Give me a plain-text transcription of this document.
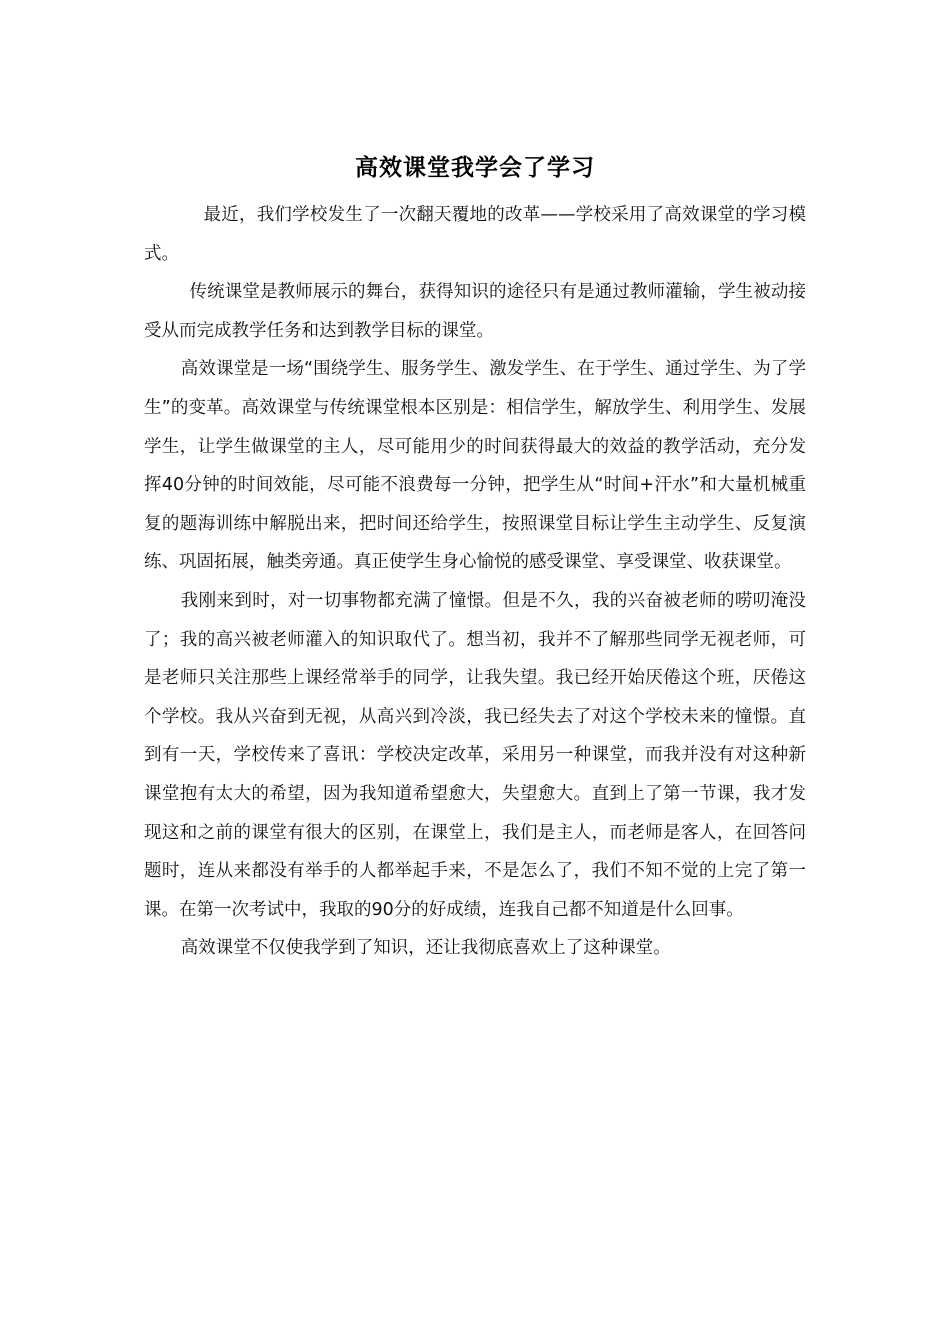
高效课堂我学会了学习

最近，我们学校发生了一次翻天覆地的改革——学校采用了高效课堂的学习模式。

传统课堂是教师展示的舞台，获得知识的途径只有是通过教师灌输，学生被动接受从而完成教学任务和达到教学目标的课堂。

高效课堂是一场“围绕学生、服务学生、激发学生、在于学生、通过学生、为了学生”的变革。高效课堂与传统课堂根本区别是：相信学生，解放学生、利用学生、发展学生，让学生做课堂的主人，尽可能用少的时间获得最大的效益的教学活动，充分发挥40分钟的时间效能，尽可能不浪费每一分钟，把学生从“时间+汗水”和大量机械重复的题海训练中解脱出来，把时间还给学生，按照课堂目标让学生主动学生、反复演练、巩固拓展，触类旁通。真正使学生身心愉悦的感受课堂、享受课堂、收获课堂。

我刚来到时，对一切事物都充满了憧憬。但是不久，我的兴奋被老师的唠叨淹没了；我的高兴被老师灌入的知识取代了。想当初，我并不了解那些同学无视老师，可是老师只关注那些上课经常举手的同学，让我失望。我已经开始厌倦这个班，厌倦这个学校。我从兴奋到无视，从高兴到冷淡，我已经失去了对这个学校未来的憧憬。直到有一天，学校传来了喜讯：学校决定改革，采用另一种课堂，而我并没有对这种新课堂抱有太大的希望，因为我知道希望愈大，失望愈大。直到上了第一节课，我才发现这和之前的课堂有很大的区别，在课堂上，我们是主人，而老师是客人，在回答问题时，连从来都没有举手的人都举起手来，不是怎么了，我们不知不觉的上完了第一课。在第一次考试中，我取的90分的好成绩，连我自己都不知道是什么回事。

高效课堂不仅使我学到了知识，还让我彻底喜欢上了这种课堂。
